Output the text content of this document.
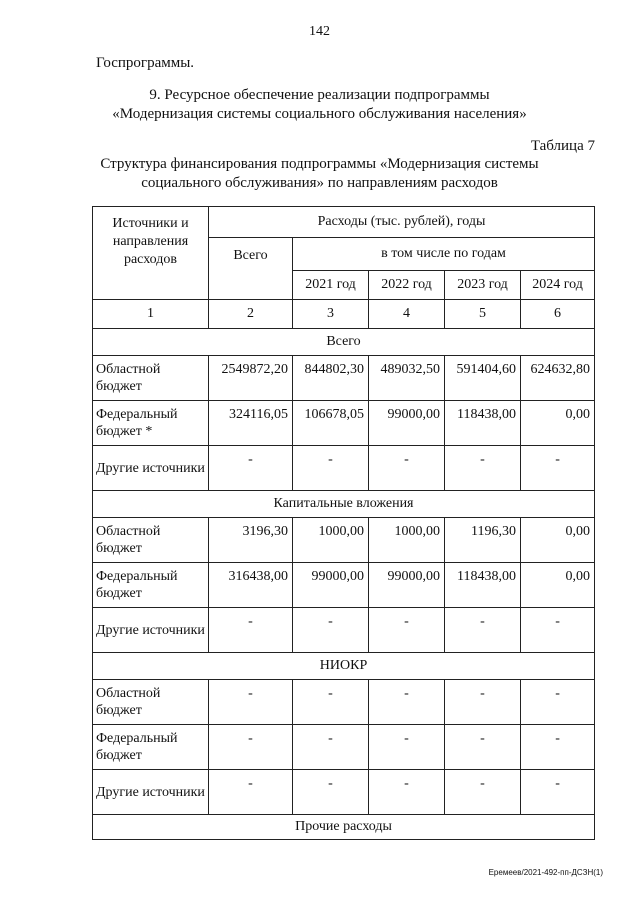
142
Госпрограммы.
9. Ресурсное обеспечение реализации подпрограммы
«Модернизация системы социального обслуживания населения»
Таблица 7
Структура финансирования подпрограммы «Модернизация системы
социального обслуживания» по направлениям расходов
Источники и направления расходов	Расходы (тыс. рублей), годы				
	Всего	в том числе по годам			
		2021 год	2022 год	2023 год	2024 год
1	2	3	4	5	6
Всего					
Областной бюджет	2549872,20	844802,30	489032,50	591404,60	624632,80
Федеральный бюджет *	324116,05	106678,05	99000,00	118438,00	0,00
Другие источники	-	-	-	-	-
Капитальные вложения					
Областной бюджет	3196,30	1000,00	1000,00	1196,30	0,00
Федеральный бюджет	316438,00	99000,00	99000,00	118438,00	0,00
Другие источники	-	-	-	-	-
НИОКР					
Областной бюджет	-	-	-	-	-
Федеральный бюджет	-	-	-	-	-
Другие источники	-	-	-	-	-
Прочие расходы					
Еремеев/2021-492-пп-ДСЗН(1)
